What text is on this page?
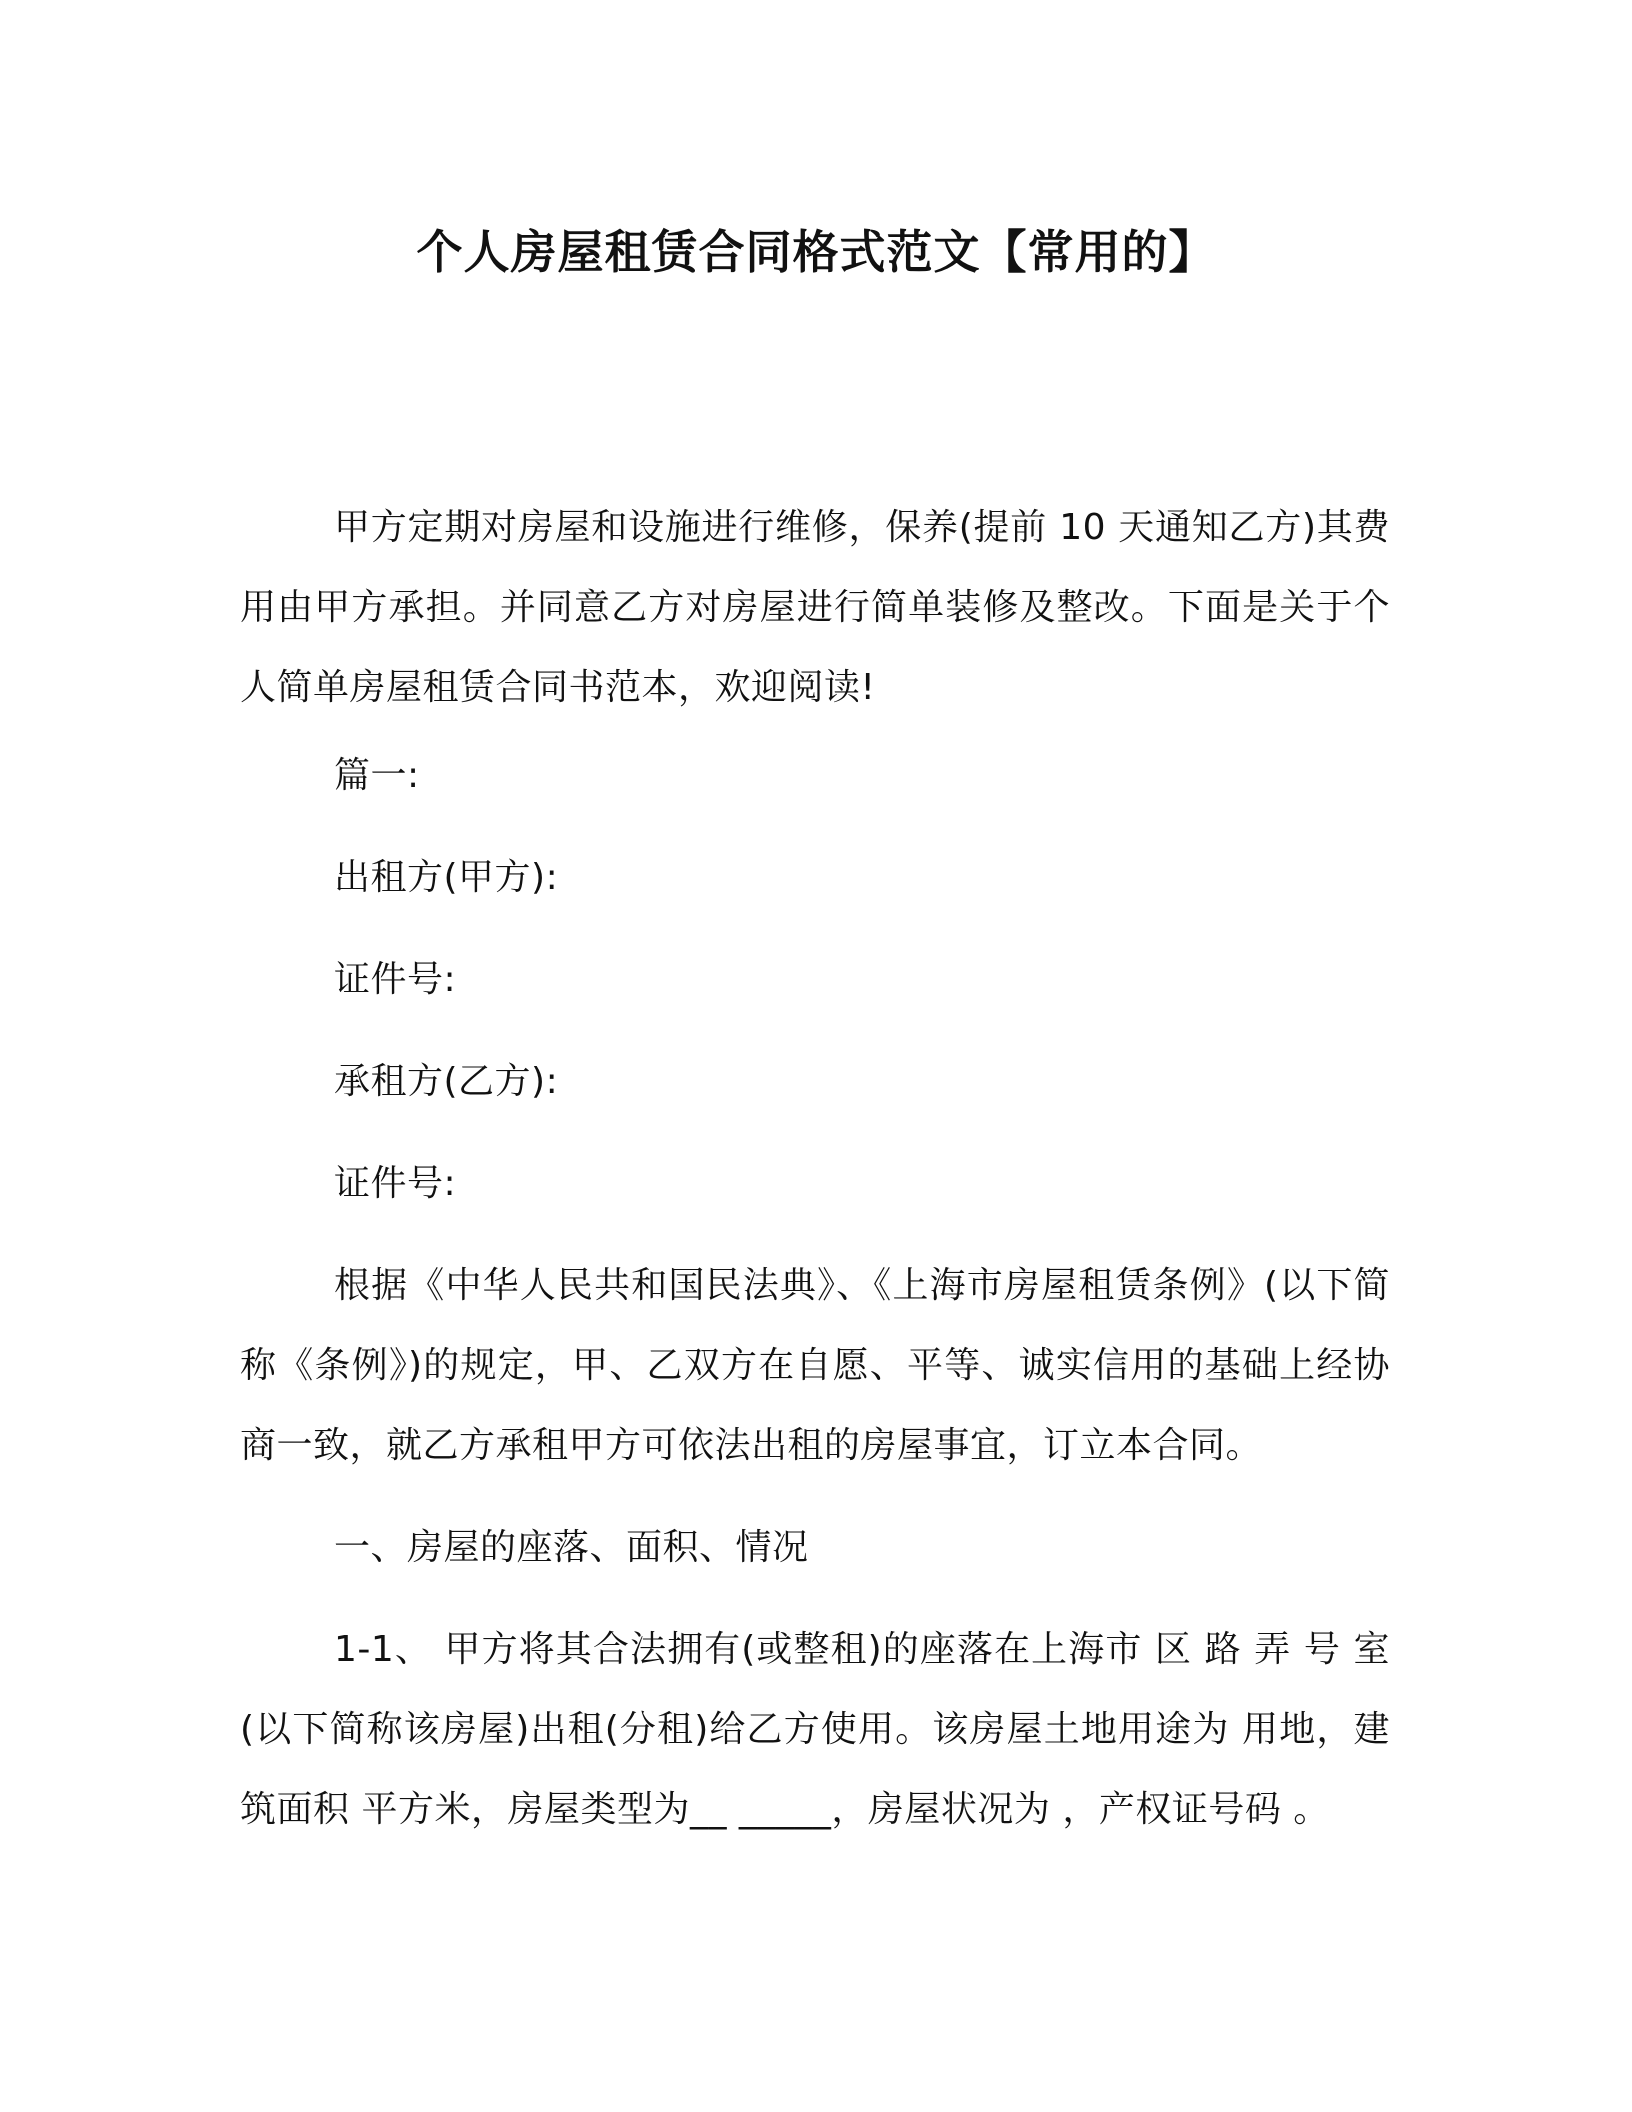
个人房屋租赁合同格式范文【常用的】
甲方定期对房屋和设施进行维修，保养(提前 10 天通知乙方)其费用由甲方承担。并同意乙方对房屋进行简单装修及整改。下面是关于个人简单房屋租赁合同书范本，欢迎阅读!
篇一:
出租方(甲方):
证件号:
承租方(乙方):
证件号:
根据《中华人民共和国民法典》、《上海市房屋租赁条例》(以下简称《条例》)的规定，甲、乙双方在自愿、平等、诚实信用的基础上经协商一致，就乙方承租甲方可依法出租的房屋事宜，订立本合同。
一、房屋的座落、面积、情况
1-1、 甲方将其合法拥有(或整租)的座落在上海市 区 路 弄 号 室(以下简称该房屋)出租(分租)给乙方使用。该房屋土地用途为 用地，建筑面积 平方米，房屋类型为__ _____，房屋状况为 ，产权证号码 。
